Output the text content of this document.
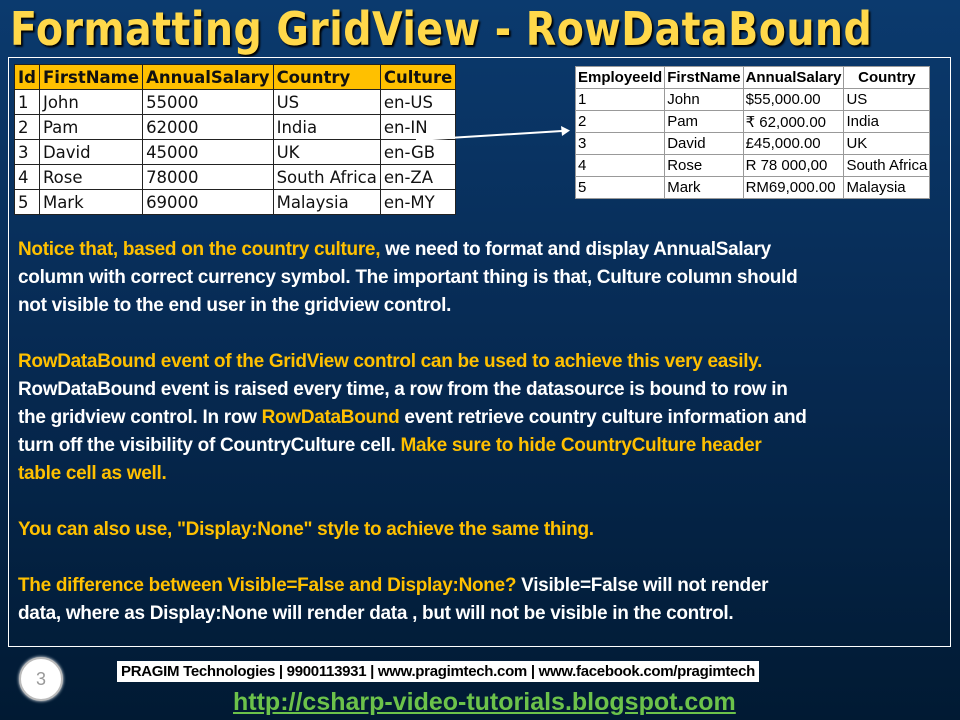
Formatting GridView - RowDataBound
Id	FirstName	AnnualSalary	Country	Culture
1	John	55000	US	en-US
2	Pam	62000	India	en-IN
3	David	45000	UK	en-GB
4	Rose	78000	South Africa	en-ZA
5	Mark	69000	Malaysia	en-MY
EmployeeId	FirstName	AnnualSalary	Country
1	John	$55,000.00	US
2	Pam	₹ 62,000.00	India
3	David	£45,000.00	UK
4	Rose	R 78 000,00	South Africa
5	Mark	RM69,000.00	Malaysia
Notice that, based on the country culture, we need to format and display AnnualSalary
column with correct currency symbol. The important thing is that, Culture column should
not visible to the end user in the gridview control.
RowDataBound event of the GridView control can be used to achieve this very easily.
RowDataBound event is raised every time, a row from the datasource is bound to row in
the gridview control. In row RowDataBound event retrieve country culture information and
turn off the visibility of CountryCulture cell. Make sure to hide CountryCulture header
table cell as well.
You can also use, "Display:None" style to achieve the same thing.
The difference between Visible=False and Display:None? Visible=False will not render
data, where as Display:None will render data , but will not be visible in the control.
3	PRAGIM Technologies | 9900113931 | www.pragimtech.com | www.facebook.com/pragimtech
http://csharp-video-tutorials.blogspot.com
